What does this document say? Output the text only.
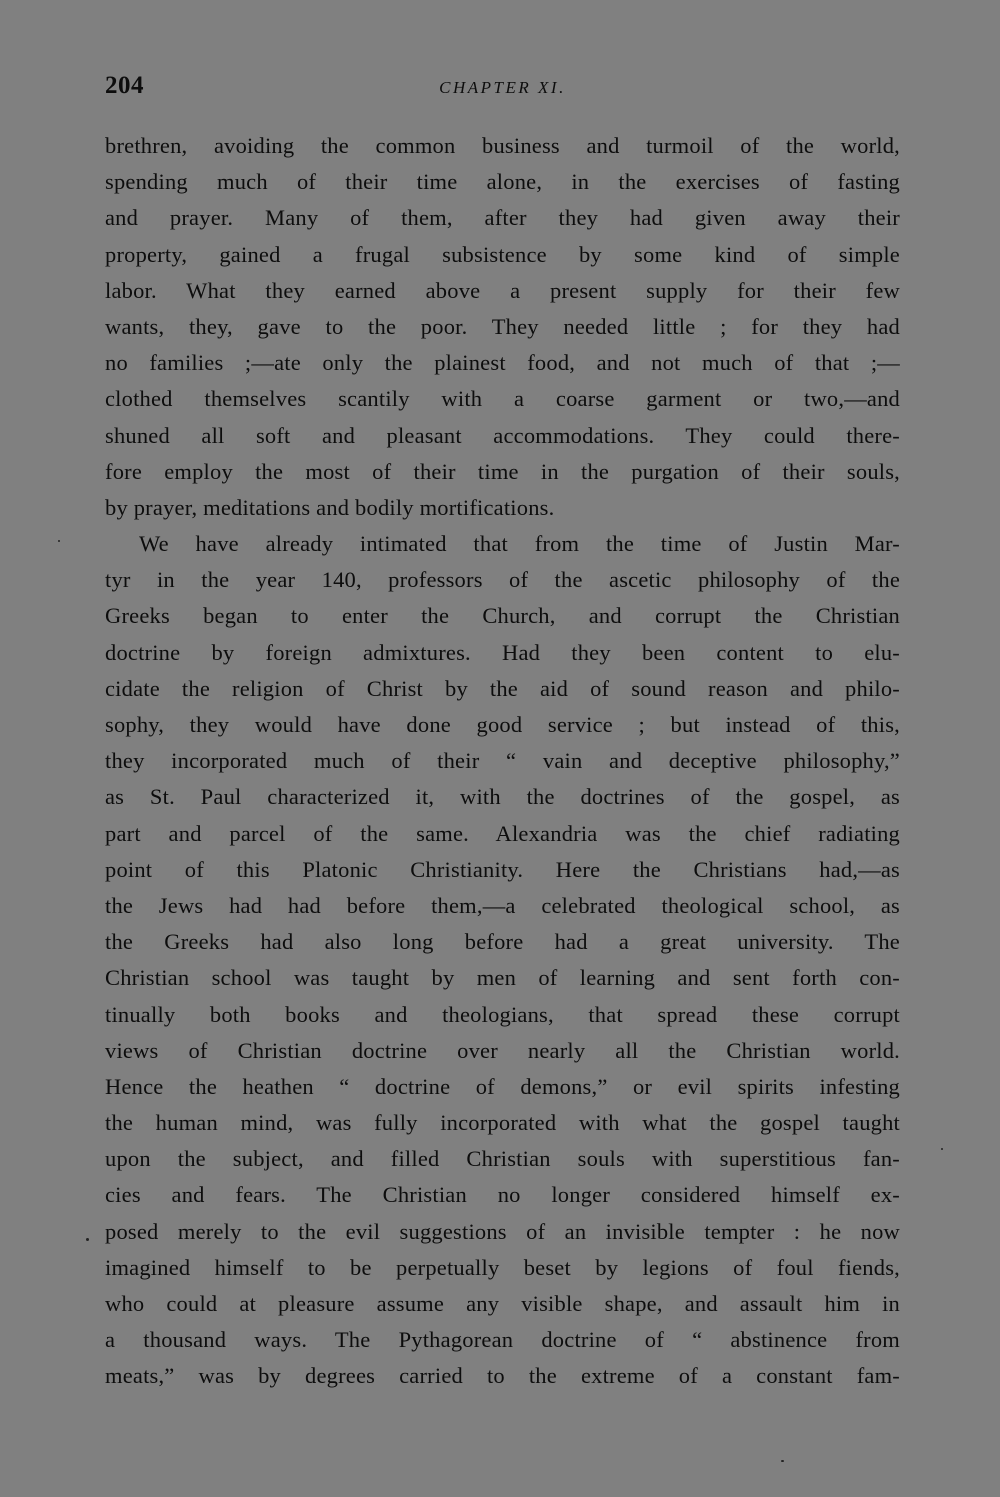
204	CHAPTER XI.
brethren, avoiding the common business and turmoil of the world,
spending much of their time alone, in the exercises of fasting
and prayer. Many of them, after they had given away their
property, gained a frugal subsistence by some kind of simple
labor. What they earned above a present supply for their few
wants, they, gave to the poor. They needed little ; for they had
no families ;—ate only the plainest food, and not much of that ;—
clothed themselves scantily with a coarse garment or two,—and
shuned all soft and pleasant accommodations. They could there-
fore employ the most of their time in the purgation of their souls,
by prayer, meditations and bodily mortifications.
We have already intimated that from the time of Justin Mar-
tyr in the year 140, professors of the ascetic philosophy of the
Greeks began to enter the Church, and corrupt the Christian
doctrine by foreign admixtures. Had they been content to elu-
cidate the religion of Christ by the aid of sound reason and philo-
sophy, they would have done good service ; but instead of this,
they incorporated much of their “ vain and deceptive philosophy,”
as St. Paul characterized it, with the doctrines of the gospel, as
part and parcel of the same. Alexandria was the chief radiating
point of this Platonic Christianity. Here the Christians had,—as
the Jews had had before them,—a celebrated theological school, as
the Greeks had also long before had a great university. The
Christian school was taught by men of learning and sent forth con-
tinually both books and theologians, that spread these corrupt
views of Christian doctrine over nearly all the Christian world.
Hence the heathen “ doctrine of demons,” or evil spirits infesting
the human mind, was fully incorporated with what the gospel taught
upon the subject, and filled Christian souls with superstitious fan-
cies and fears. The Christian no longer considered himself ex-
posed merely to the evil suggestions of an invisible tempter : he now
imagined himself to be perpetually beset by legions of foul fiends,
who could at pleasure assume any visible shape, and assault him in
a thousand ways. The Pythagorean doctrine of “ abstinence from
meats,” was by degrees carried to the extreme of a constant fam-
